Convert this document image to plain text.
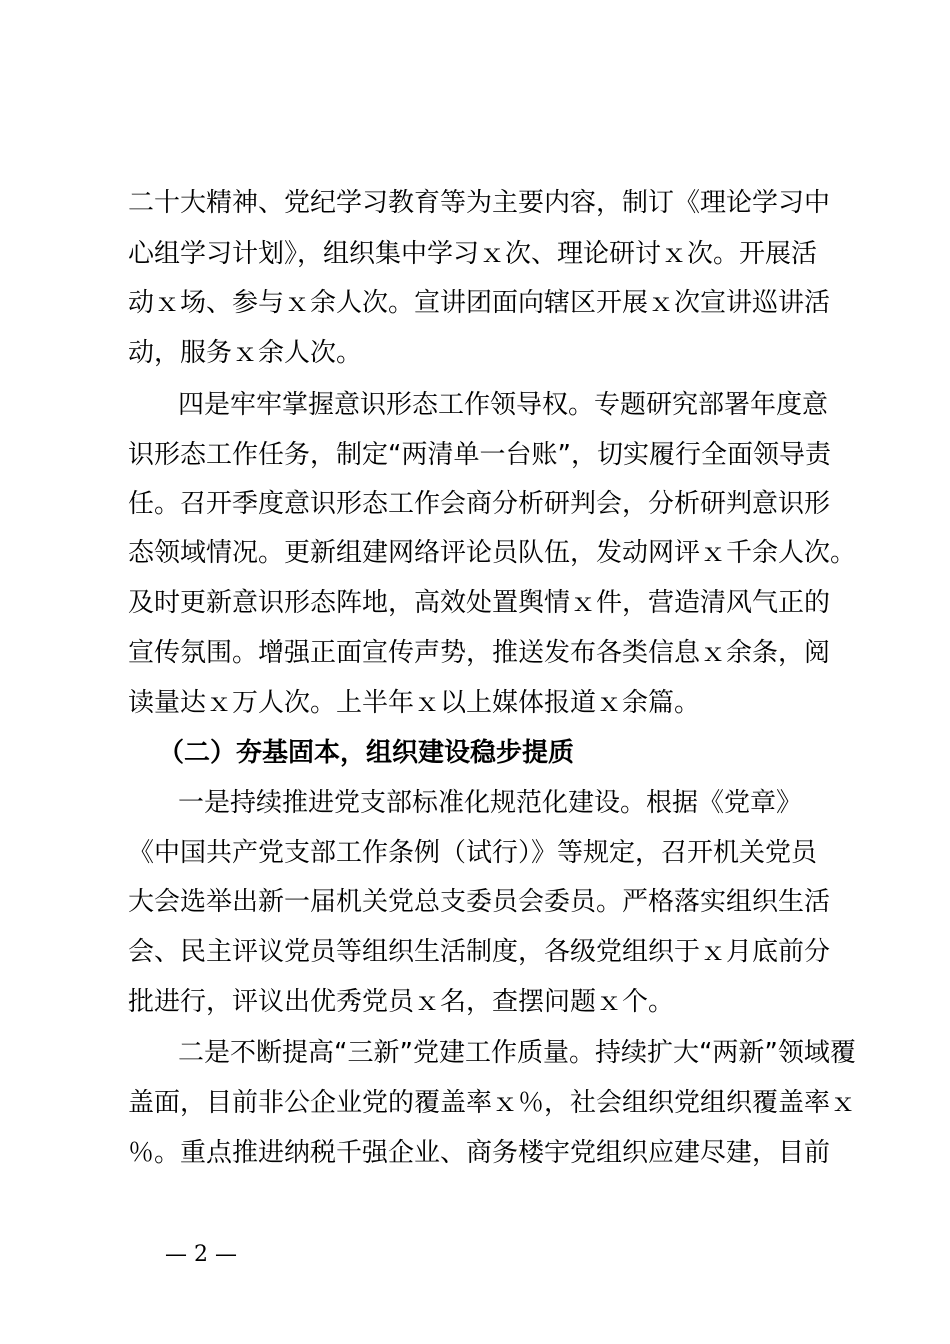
二十大精神、党纪学习教育等为主要内容，制订《理论学习中
心组学习计划》，组织集中学习ｘ次、理论研讨ｘ次。开展活
动ｘ场、参与ｘ余人次。宣讲团面向辖区开展ｘ次宣讲巡讲活
动，服务ｘ余人次。
四是牢牢掌握意识形态工作领导权。专题研究部署年度意
识形态工作任务，制定“两清单一台账”，切实履行全面领导责
任。召开季度意识形态工作会商分析研判会，分析研判意识形
态领域情况。更新组建网络评论员队伍，发动网评ｘ千余人次。
及时更新意识形态阵地，高效处置舆情ｘ件，营造清风气正的
宣传氛围。增强正面宣传声势，推送发布各类信息ｘ余条，阅
读量达ｘ万人次。上半年ｘ以上媒体报道ｘ余篇。
（二）夯基固本，组织建设稳步提质
一是持续推进党支部标准化规范化建设。根据《党章》
《中国共产党支部工作条例（试行）》等规定，召开机关党员
大会选举出新一届机关党总支委员会委员。严格落实组织生活
会、民主评议党员等组织生活制度，各级党组织于ｘ月底前分
批进行，评议出优秀党员ｘ名，查摆问题ｘ个。
二是不断提高“三新”党建工作质量。持续扩大“两新”领域覆
盖面，目前非公企业党的覆盖率ｘ％，社会组织党组织覆盖率ｘ
％。重点推进纳税千强企业、商务楼宇党组织应建尽建，目前
— 2 —
